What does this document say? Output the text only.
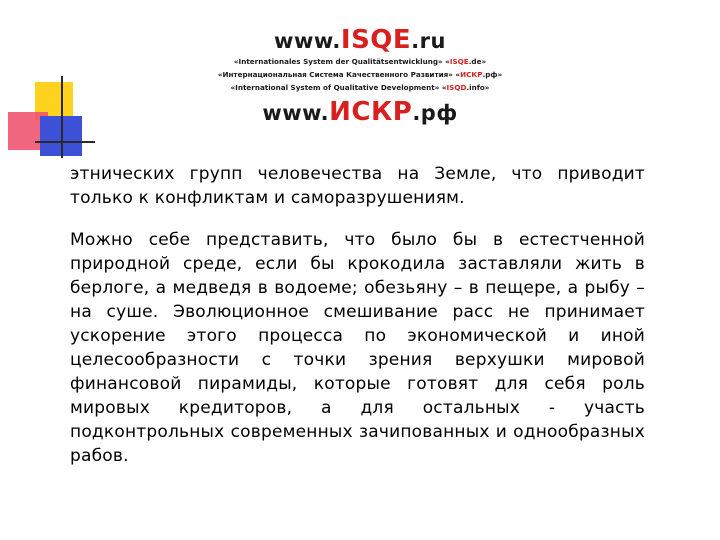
www.ISQE.ru
«Internationales System der Qualitätsentwicklung» «ISQE.de»
«Интернациональная Система Качественного Развития» «ИСКР.рф»
«International System of Qualitative Development» «ISQD.info»
www.ИСКР.рф

этнических групп человечества на Земле, что приводит только к конфликтам и саморазрушениям.

Можно себе представить, что было бы в естестченной природной среде, если бы крокодила заставляли жить в берлоге, а медведя в водоеме; обезьяну – в пещере, а рыбу – на суше. Эволюционное смешивание расс не принимает ускорение этого процесса по экономической и иной целесообразности с точки зрения верхушки мировой финансовой пирамиды, которые готовят для себя роль мировых кредиторов, а для остальных - участь подконтрольных современных зачипованных и однообразных рабов.
